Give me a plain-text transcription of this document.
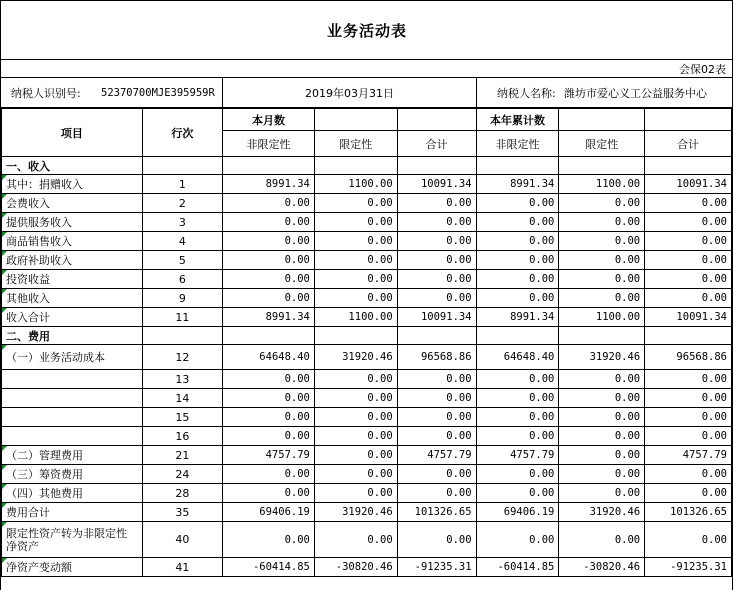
业务活动表
会保02表
纳税人识别号: 52370700MJE395959R	2019年03月31日	纳税人名称: 潍坊市爱心义工公益服务中心
项目	行次	本月数			本年累计数		
		非限定性	限定性	合计	非限定性	限定性	合计
一、收入							
其中：捐赠收入	1	8991.34	1100.00	10091.34	8991.34	1100.00	10091.34
会费收入	2	0.00	0.00	0.00	0.00	0.00	0.00
提供服务收入	3	0.00	0.00	0.00	0.00	0.00	0.00
商品销售收入	4	0.00	0.00	0.00	0.00	0.00	0.00
政府补助收入	5	0.00	0.00	0.00	0.00	0.00	0.00
投资收益	6	0.00	0.00	0.00	0.00	0.00	0.00
其他收入	9	0.00	0.00	0.00	0.00	0.00	0.00
收入合计	11	8991.34	1100.00	10091.34	8991.34	1100.00	10091.34
二、费用							
（一）业务活动成本	12	64648.40	31920.46	96568.86	64648.40	31920.46	96568.86
	13	0.00	0.00	0.00	0.00	0.00	0.00
	14	0.00	0.00	0.00	0.00	0.00	0.00
	15	0.00	0.00	0.00	0.00	0.00	0.00
	16	0.00	0.00	0.00	0.00	0.00	0.00
（二）管理费用	21	4757.79	0.00	4757.79	4757.79	0.00	4757.79
（三）筹资费用	24	0.00	0.00	0.00	0.00	0.00	0.00
（四）其他费用	28	0.00	0.00	0.00	0.00	0.00	0.00
费用合计	35	69406.19	31920.46	101326.65	69406.19	31920.46	101326.65
限定性资产转为非限定性净资产	40	0.00	0.00	0.00	0.00	0.00	0.00
净资产变动额	41	-60414.85	-30820.46	-91235.31	-60414.85	-30820.46	-91235.31
